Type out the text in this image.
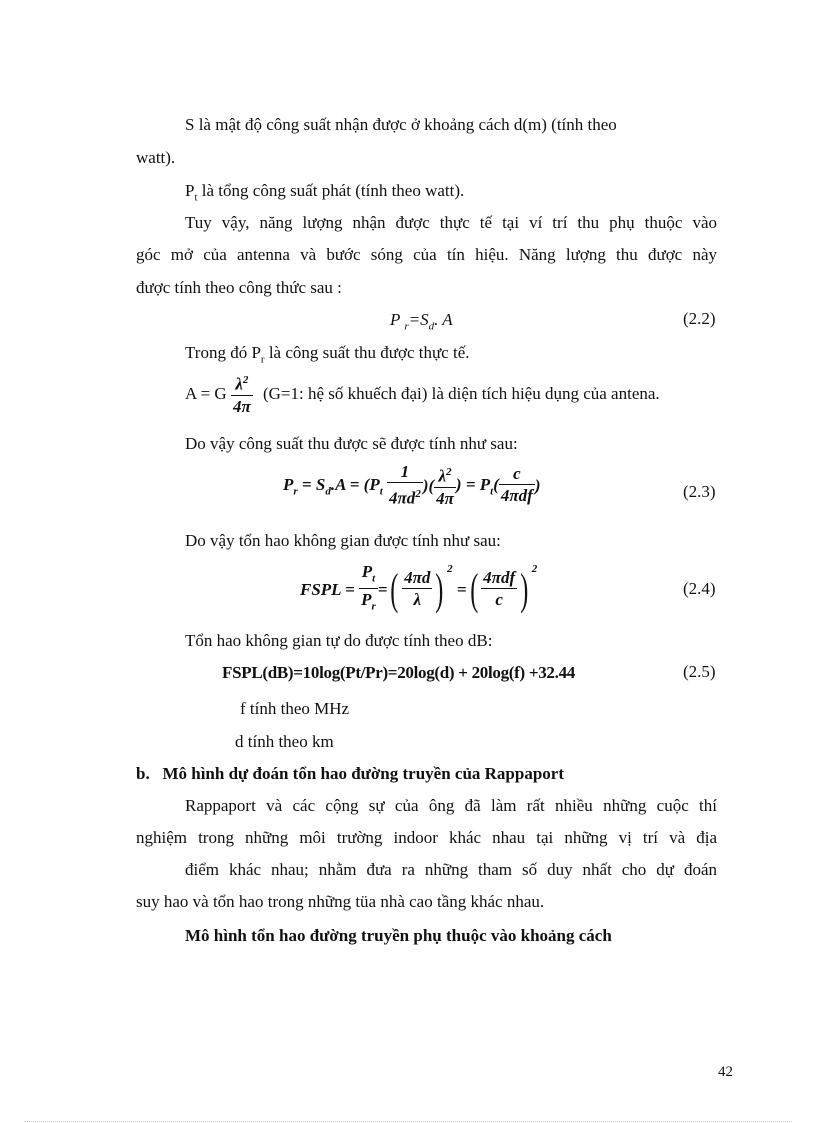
S là mật độ công suất nhận được ở khoảng cách d(m) (tính theo
watt).
$P_t$ là tổng công suất phát (tính theo watt).
Tuy vậy, năng lượng nhận được thực tế tại ví trí thu phụ thuộc vào
góc mở của antenna và bước sóng của tín hiệu. Năng lượng thu được này
được tính theo công thức sau :
P $_r=S_d$. A	(2.2)
Trong đó $P_r$ là công suất thu được thực tế.
A = G $\frac{\lambda^2}{4\pi} (G=1$: hệ số khuếch đại) là diện tích hiệu dụng của antena.
Do vậy công suất thu được sẽ được tính như sau:
$P_r = S_d.A = (P_t \frac{1}{4\pi d^2}$ )( $\frac{\lambda^2}{4\pi}$ ) = $P_t( \frac{c}{\text{4πdf}}$ )	(2.3)
Do vậy tổn hao không gian được tính như sau:
FSPL = $\frac{P_t}{P_r}$ =( $\frac{4\pi d}{\lambda}$ ) $^2$ =( $\frac{\text{4πdf}}{c}$ ) $^2$
(2.4)
Tổn hao không gian tự do được tính theo dB:
FSPL(dB)=10log(Pt/Pr)=20log(d) + 20log(f) +32.44	(2.5)
f tính theo MHz
d tính theo km
b.   Mô hình dự đoán tổn hao đường truyền của Rappaport
Rappaport và các cộng sự của ông đã làm rất nhiều những cuộc thí
nghiệm trong những môi trường indoor khác nhau tại những vị trí và địa
điểm khác nhau; nhằm đưa ra những tham số duy nhất cho dự đoán
suy hao và tổn hao trong những tüa nhà cao tầng khác nhau.
Mô hình tổn hao đường truyền phụ thuộc vào khoảng cách
42
